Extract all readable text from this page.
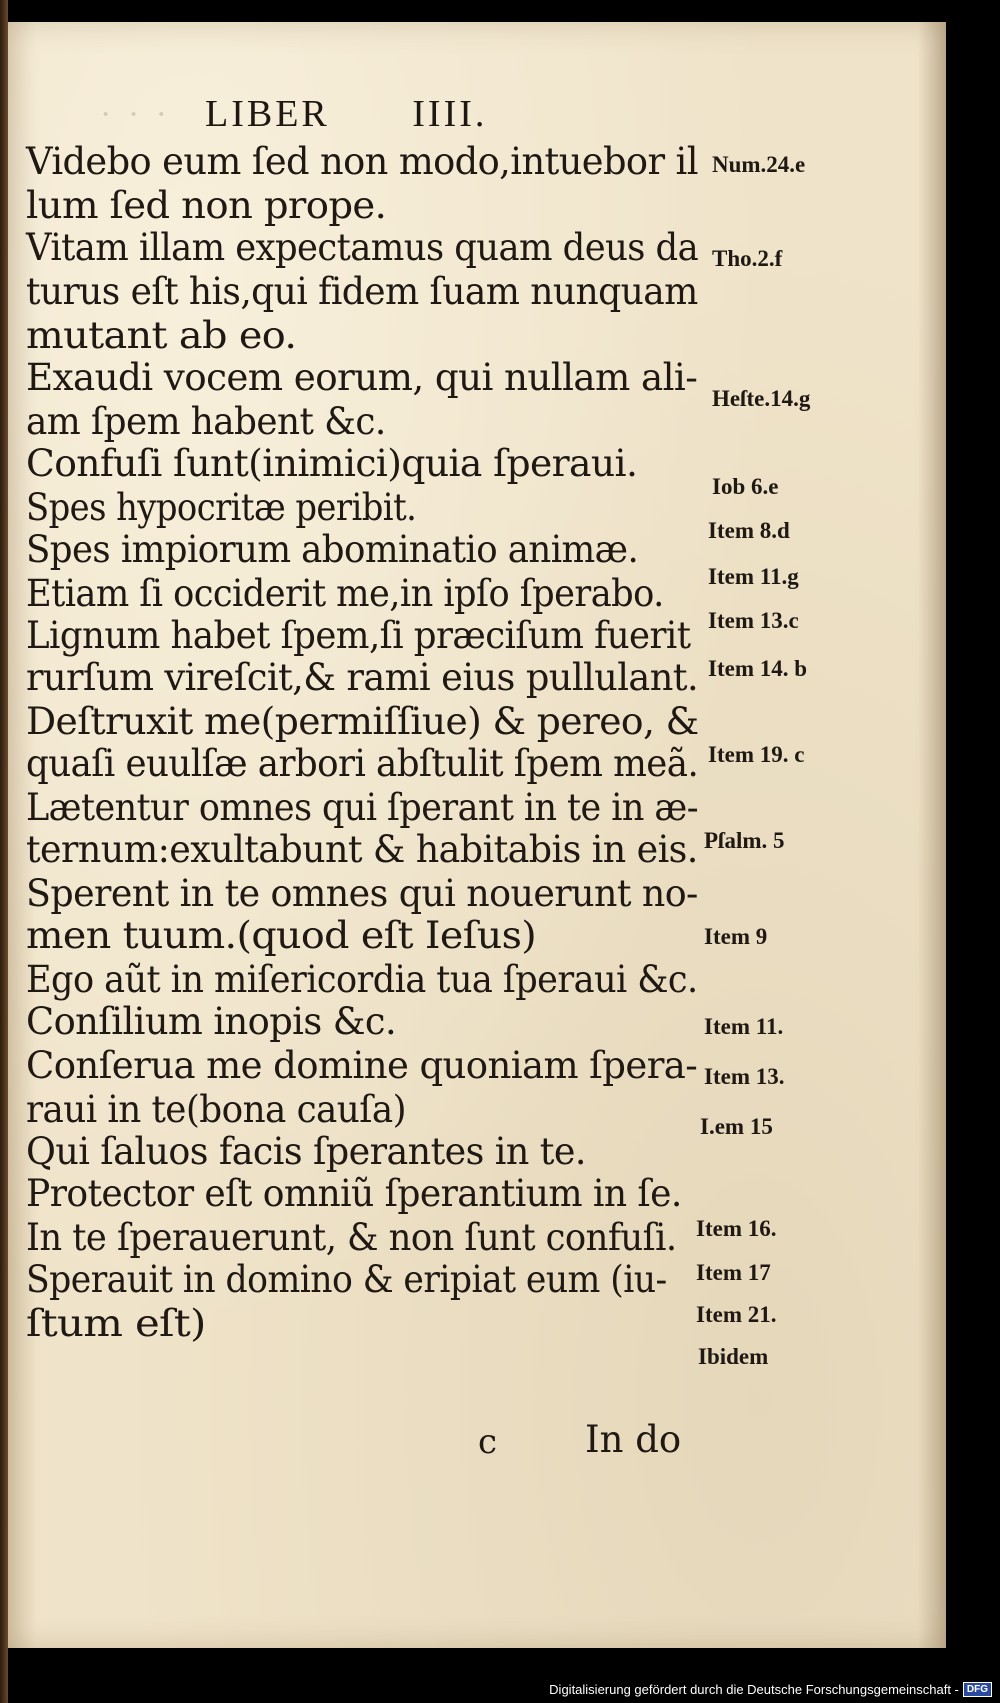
· · · LIBER IIII.
Videbo eum ſed non modo,intuebor il
lum ſed non prope.
Vitam illam expectamus quam deus da
turus eſt his,qui fidem ſuam nunquam
mutant ab eo.
Exaudi vocem eorum, qui nullam ali-
am ſpem habent &c.
Confuſi ſunt(inimici)quia ſperaui.
Spes hypocritæ peribit.
Spes impiorum abominatio animæ.
Etiam ſi occiderit me,in ipſo ſperabo.
Lignum habet ſpem,ſi præciſum fuerit
rurſum vireſcit,& rami eius pullulant.
Deſtruxit me(permiſſiue) & pereo, &
quaſi euulſæ arbori abſtulit ſpem meã.
Lætentur omnes qui ſperant in te in æ-
ternum:exultabunt & habitabis in eis.
Sperent in te omnes qui nouerunt no-
men tuum.(quod eſt Ieſus)
Ego aũt in miſericordia tua ſperaui &c.
Conſilium inopis &c.
Conſerua me domine quoniam ſpera-
raui in te(bona cauſa)
Qui ſaluos facis ſperantes in te.
Protector eſt omniũ ſperantium in ſe.
In te ſperauerunt, & non ſunt confuſi.
Sperauit in domino & eripiat eum (iu-
ſtum eſt)
Num.24.e
Tho.2.f
Heſte.14.g
Iob 6.e
Item 8.d
Item 11.g
Item 13.c
Item 14. b
Item 19. c
Pſalm. 5
Item 9
Item 11.
Item 13.
I.em 15
Item 16.
Item 17
Item 21.
Ibidem
c In do
Digitalisierung gefördert durch die Deutsche Forschungsgemeinschaft - DFG
